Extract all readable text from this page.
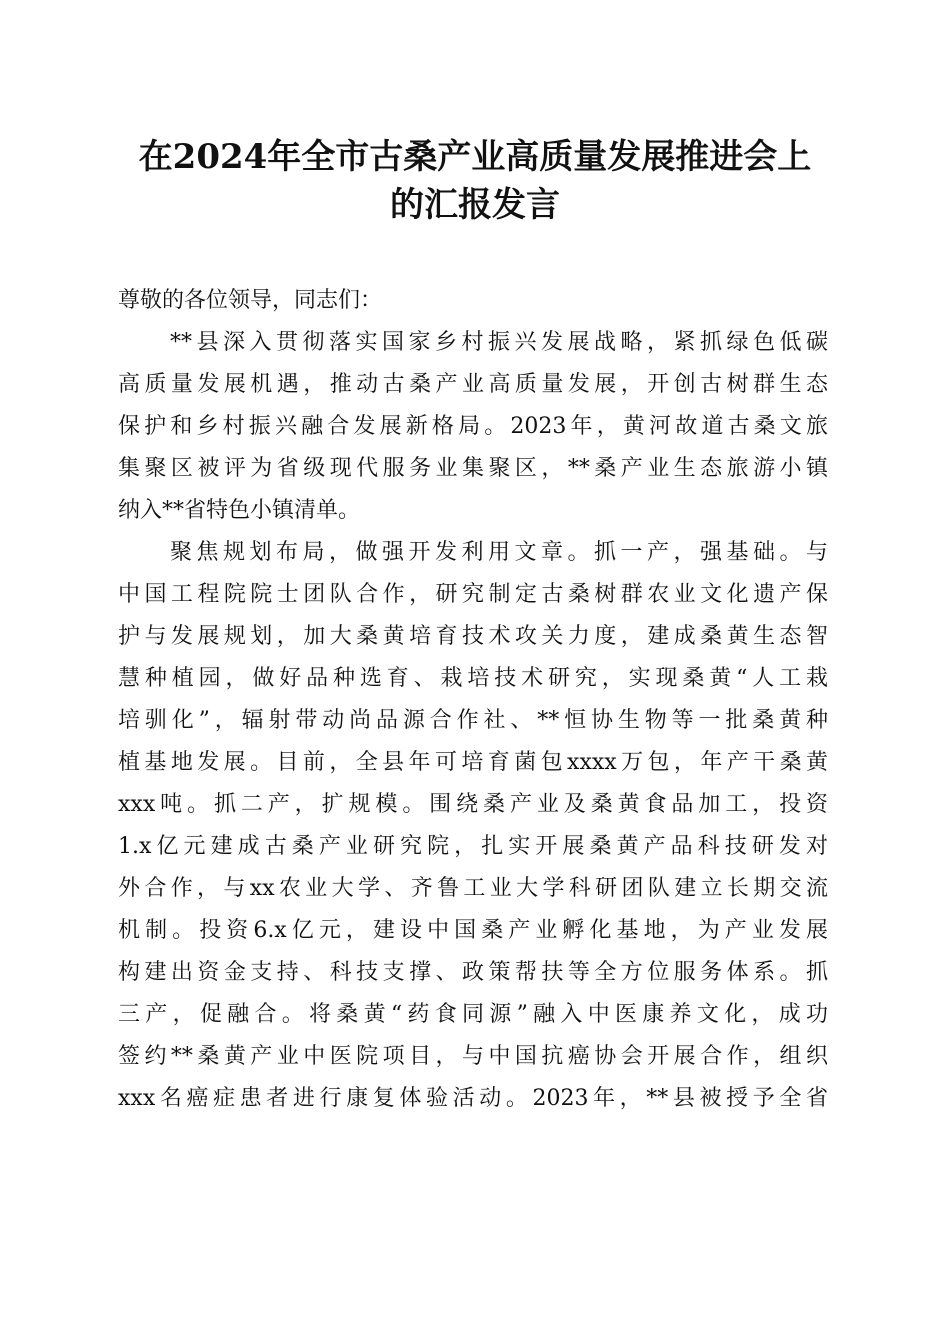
在2024年全市古桑产业高质量发展推进会上
的汇报发言
尊敬的各位领导，同志们：
**县深入贯彻落实国家乡村振兴发展战略，紧抓绿色低碳
高质量发展机遇，推动古桑产业高质量发展，开创古树群生态
保护和乡村振兴融合发展新格局。2023年，黄河故道古桑文旅
集聚区被评为省级现代服务业集聚区，**桑产业生态旅游小镇
纳入**省特色小镇清单。
聚焦规划布局，做强开发利用文章。抓一产，强基础。与
中国工程院院士团队合作，研究制定古桑树群农业文化遗产保
护与发展规划，加大桑黄培育技术攻关力度，建成桑黄生态智
慧种植园，做好品种选育、栽培技术研究，实现桑黄“人工栽
培驯化”，辐射带动尚品源合作社、**恒协生物等一批桑黄种
植基地发展。目前，全县年可培育菌包xxxx万包，年产干桑黄
xxx吨。抓二产，扩规模。围绕桑产业及桑黄食品加工，投资
1.x亿元建成古桑产业研究院，扎实开展桑黄产品科技研发对
外合作，与xx农业大学、齐鲁工业大学科研团队建立长期交流
机制。投资6.x亿元，建设中国桑产业孵化基地，为产业发展
构建出资金支持、科技支撑、政策帮扶等全方位服务体系。抓
三产，促融合。将桑黄“药食同源”融入中医康养文化，成功
签约**桑黄产业中医院项目，与中国抗癌协会开展合作，组织
xxx名癌症患者进行康复体验活动。2023年，**县被授予全省
